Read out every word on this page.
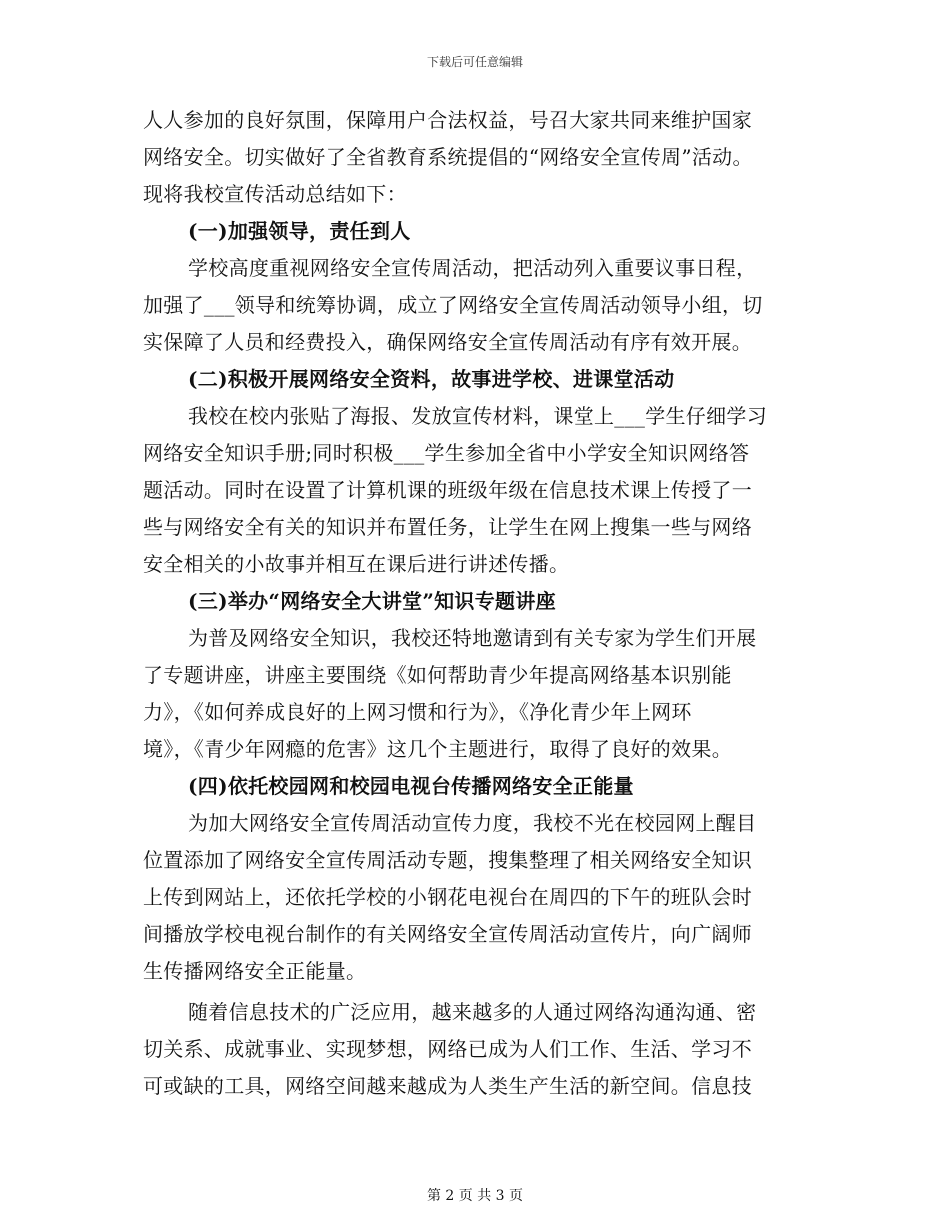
下载后可任意编辑
人人参加的良好氛围，保障用户合法权益，号召大家共同来维护国家
网络安全。切实做好了全省教育系统提倡的“网络安全宣传周”活动。
现将我校宣传活动总结如下：
(一)加强领导，责任到人
学校高度重视网络安全宣传周活动，把活动列入重要议事日程，
加强了___领导和统筹协调，成立了网络安全宣传周活动领导小组，切
实保障了人员和经费投入，确保网络安全宣传周活动有序有效开展。
(二)积极开展网络安全资料，故事进学校、进课堂活动
我校在校内张贴了海报、发放宣传材料，课堂上___学生仔细学习
网络安全知识手册;同时积极___学生参加全省中小学安全知识网络答
题活动。同时在设置了计算机课的班级年级在信息技术课上传授了一
些与网络安全有关的知识并布置任务，让学生在网上搜集一些与网络
安全相关的小故事并相互在课后进行讲述传播。
(三)举办“网络安全大讲堂”知识专题讲座
为普及网络安全知识，我校还特地邀请到有关专家为学生们开展
了专题讲座，讲座主要围绕《如何帮助青少年提高网络基本识别能
力》，《如何养成良好的上网习惯和行为》，《净化青少年上网环
境》，《青少年网瘾的危害》这几个主题进行，取得了良好的效果。
(四)依托校园网和校园电视台传播网络安全正能量
为加大网络安全宣传周活动宣传力度，我校不光在校园网上醒目
位置添加了网络安全宣传周活动专题，搜集整理了相关网络安全知识
上传到网站上，还依托学校的小钢花电视台在周四的下午的班队会时
间播放学校电视台制作的有关网络安全宣传周活动宣传片，向广阔师
生传播网络安全正能量。
随着信息技术的广泛应用，越来越多的人通过网络沟通沟通、密
切关系、成就事业、实现梦想，网络已成为人们工作、生活、学习不
可或缺的工具，网络空间越来越成为人类生产生活的新空间。信息技
第 2 页 共 3 页
